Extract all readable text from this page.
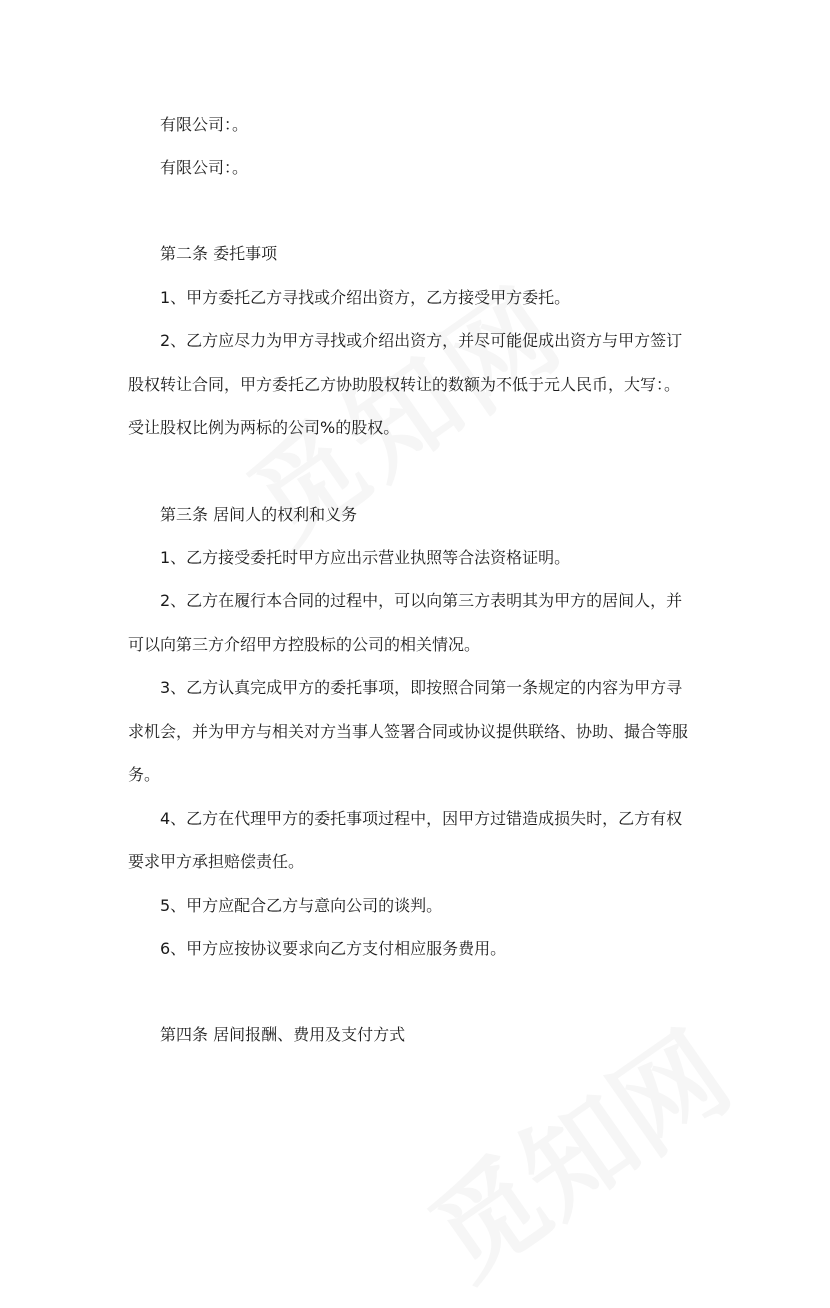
有限公司：。
有限公司：。
第二条 委托事项
1、甲方委托乙方寻找或介绍出资方，乙方接受甲方委托。
2、乙方应尽力为甲方寻找或介绍出资方，并尽可能促成出资方与甲方签订
股权转让合同，甲方委托乙方协助股权转让的数额为不低于元人民币，大写：。
受让股权比例为两标的公司%的股权。
第三条 居间人的权利和义务
1、乙方接受委托时甲方应出示营业执照等合法资格证明。
2、乙方在履行本合同的过程中，可以向第三方表明其为甲方的居间人，并
可以向第三方介绍甲方控股标的公司的相关情况。
3、乙方认真完成甲方的委托事项，即按照合同第一条规定的内容为甲方寻
求机会，并为甲方与相关对方当事人签署合同或协议提供联络、协助、撮合等服
务。
4、乙方在代理甲方的委托事项过程中，因甲方过错造成损失时，乙方有权
要求甲方承担赔偿责任。
5、甲方应配合乙方与意向公司的谈判。
6、甲方应按协议要求向乙方支付相应服务费用。
第四条 居间报酬、费用及支付方式
